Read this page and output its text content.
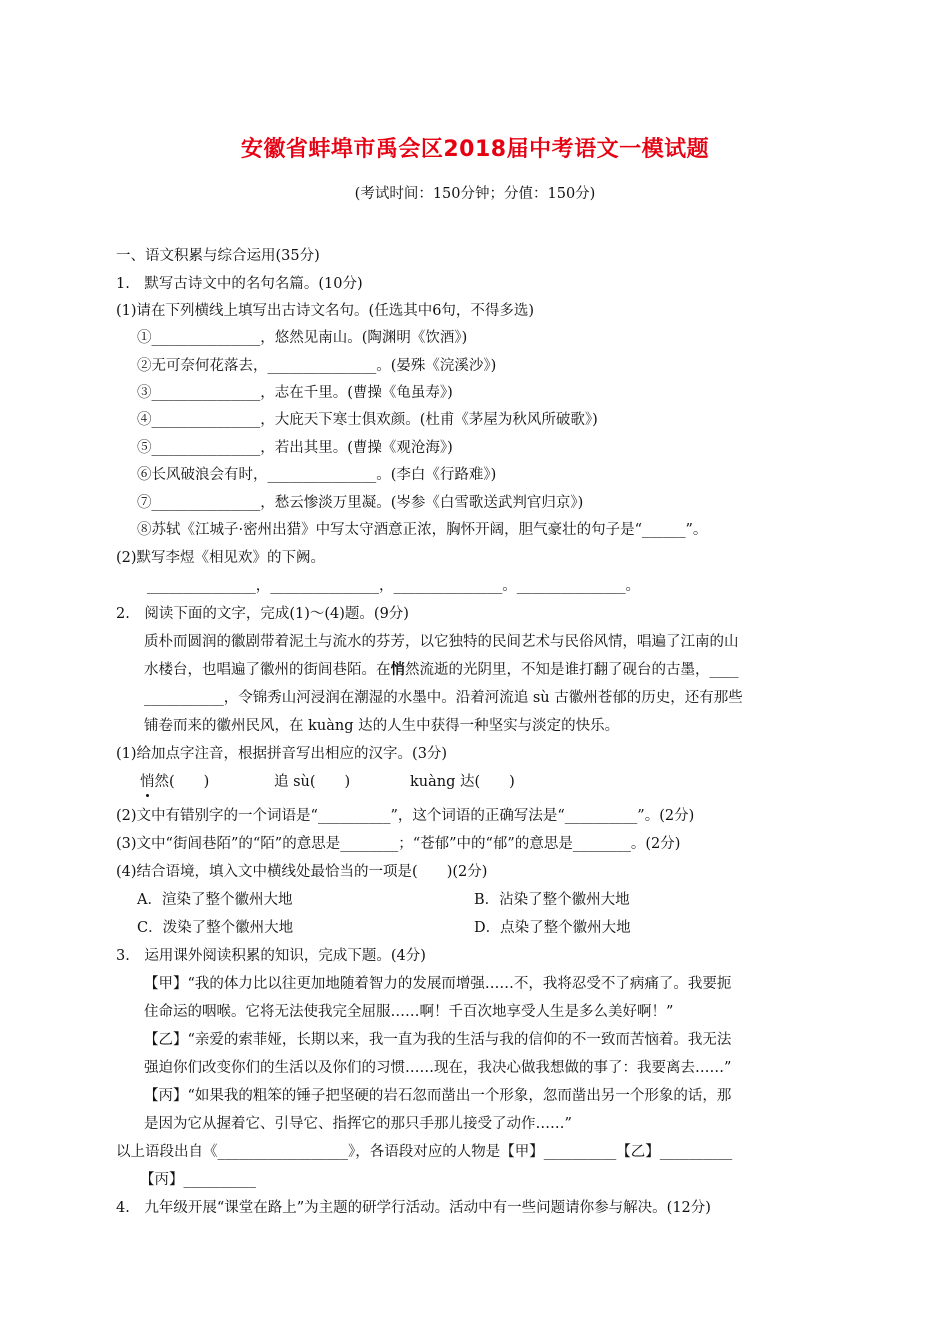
安徽省蚌埠市禹会区2018届中考语文一模试题
(考试时间：150分钟；分值：150分)
一、语文积累与综合运用(35分)
1.　默写古诗文中的名句名篇。(10分)
(1)请在下列横线上填写出古诗文名句。(任选其中6句，不得多选)
①_______________，悠然见南山。(陶渊明《饮酒》)
②无可奈何花落去，_______________。(晏殊《浣溪沙》)
③_______________，志在千里。(曹操《龟虽寿》)
④_______________，大庇天下寒士俱欢颜。(杜甫《茅屋为秋风所破歌》)
⑤_______________，若出其里。(曹操《观沧海》)
⑥长风破浪会有时，_______________。(李白《行路难》)
⑦_______________，愁云惨淡万里凝。(岑参《白雪歌送武判官归京》)
⑧苏轼《江城子·密州出猎》中写太守酒意正浓，胸怀开阔，胆气豪壮的句子是“______”。
(2)默写李煜《相见欢》的下阙。
_______________，_______________，_______________。_______________。
2.　阅读下面的文字，完成(1)～(4)题。(9分)
质朴而圆润的徽剧带着泥土与流水的芬芳，以它独特的民间艺术与民俗风情，唱遍了江南的山
水楼台，也唱遍了徽州的街闾巷陌。在悄然流逝的光阴里，不知是谁打翻了砚台的古墨，____
___________，令锦秀山河浸润在潮湿的水墨中。沿着河流追 sù 古徽州苍郁的历史，还有那些
铺卷而来的徽州民风，在 kuàng 达的人生中获得一种坚实与淡定的快乐。
(1)给加点字注音，根据拼音写出相应的汉字。(3分)
悄然(　　)	追 sù(　　)	kuàng 达(　　)
(2)文中有错别字的一个词语是“__________”，这个词语的正确写法是“__________”。(2分)
(3)文中“街闾巷陌”的“陌”的意思是________；“苍郁”中的“郁”的意思是________。(2分)
(4)结合语境，填入文中横线处最恰当的一项是(　　)(2分)
A．渲染了整个徽州大地	B．沾染了整个徽州大地
C．泼染了整个徽州大地	D．点染了整个徽州大地
3.　运用课外阅读积累的知识，完成下题。(4分)
【甲】“我的体力比以往更加地随着智力的发展而增强……不，我将忍受不了病痛了。我要扼
住命运的咽喉。它将无法使我完全屈服……啊！千百次地享受人生是多么美好啊！”
【乙】“亲爱的索菲娅，长期以来，我一直为我的生活与我的信仰的不一致而苦恼着。我无法
强迫你们改变你们的生活以及你们的习惯……现在，我决心做我想做的事了：我要离去……”
【丙】“如果我的粗笨的锤子把坚硬的岩石忽而凿出一个形象，忽而凿出另一个形象的话，那
是因为它从握着它、引导它、指挥它的那只手那儿接受了动作……”
以上语段出自《__________________》，各语段对应的人物是【甲】__________【乙】__________
【丙】__________
4.　九年级开展“课堂在路上”为主题的研学行活动。活动中有一些问题请你参与解决。(12分)
